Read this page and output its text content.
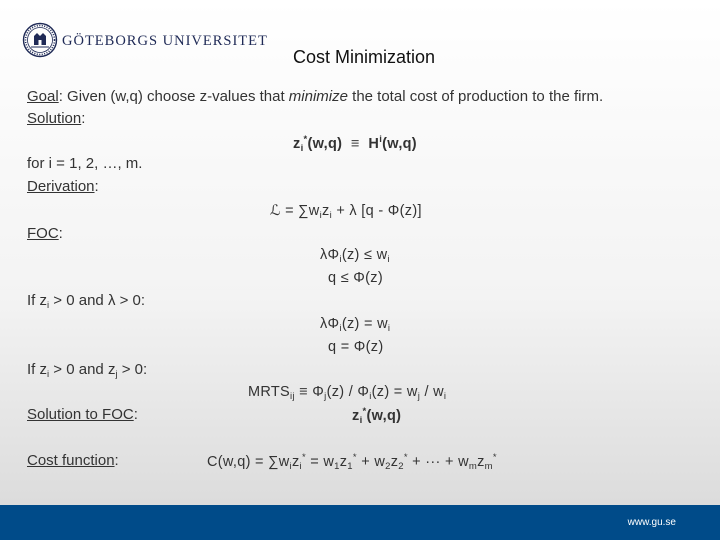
GÖTEBORGS UNIVERSITET
Cost Minimization
Goal: Given (w,q) choose z-values that minimize the total cost of production to the firm.
Solution:
$z_i^*(w,q) \equiv H^i(w,q)$
for i = 1, 2, …, m.
Derivation:
ℒ = $\sum w_iz_i + \lambda$ [q - Φ(z)]
FOC:
$\lambda\Phi_i(z) \le w_i$
q ≤ Φ(z)
If $z_i > 0$ and λ > 0:
$\lambda\Phi_i(z) = w_i$
q = Φ(z)
If $z_i > 0$ and $z_j > 0$:
$MRTS_{ij} \equiv \Phi_j(z) / \Phi_i(z) = w_j / w_i$
Solution to FOC:	$z_i^*(w,q)$
Cost function:	$C(w,q) = \sum w_iz_i^* = w_1z_1^* + w_2z_2^*$ + ··· + $w_mz_m^*$
www.gu.se
